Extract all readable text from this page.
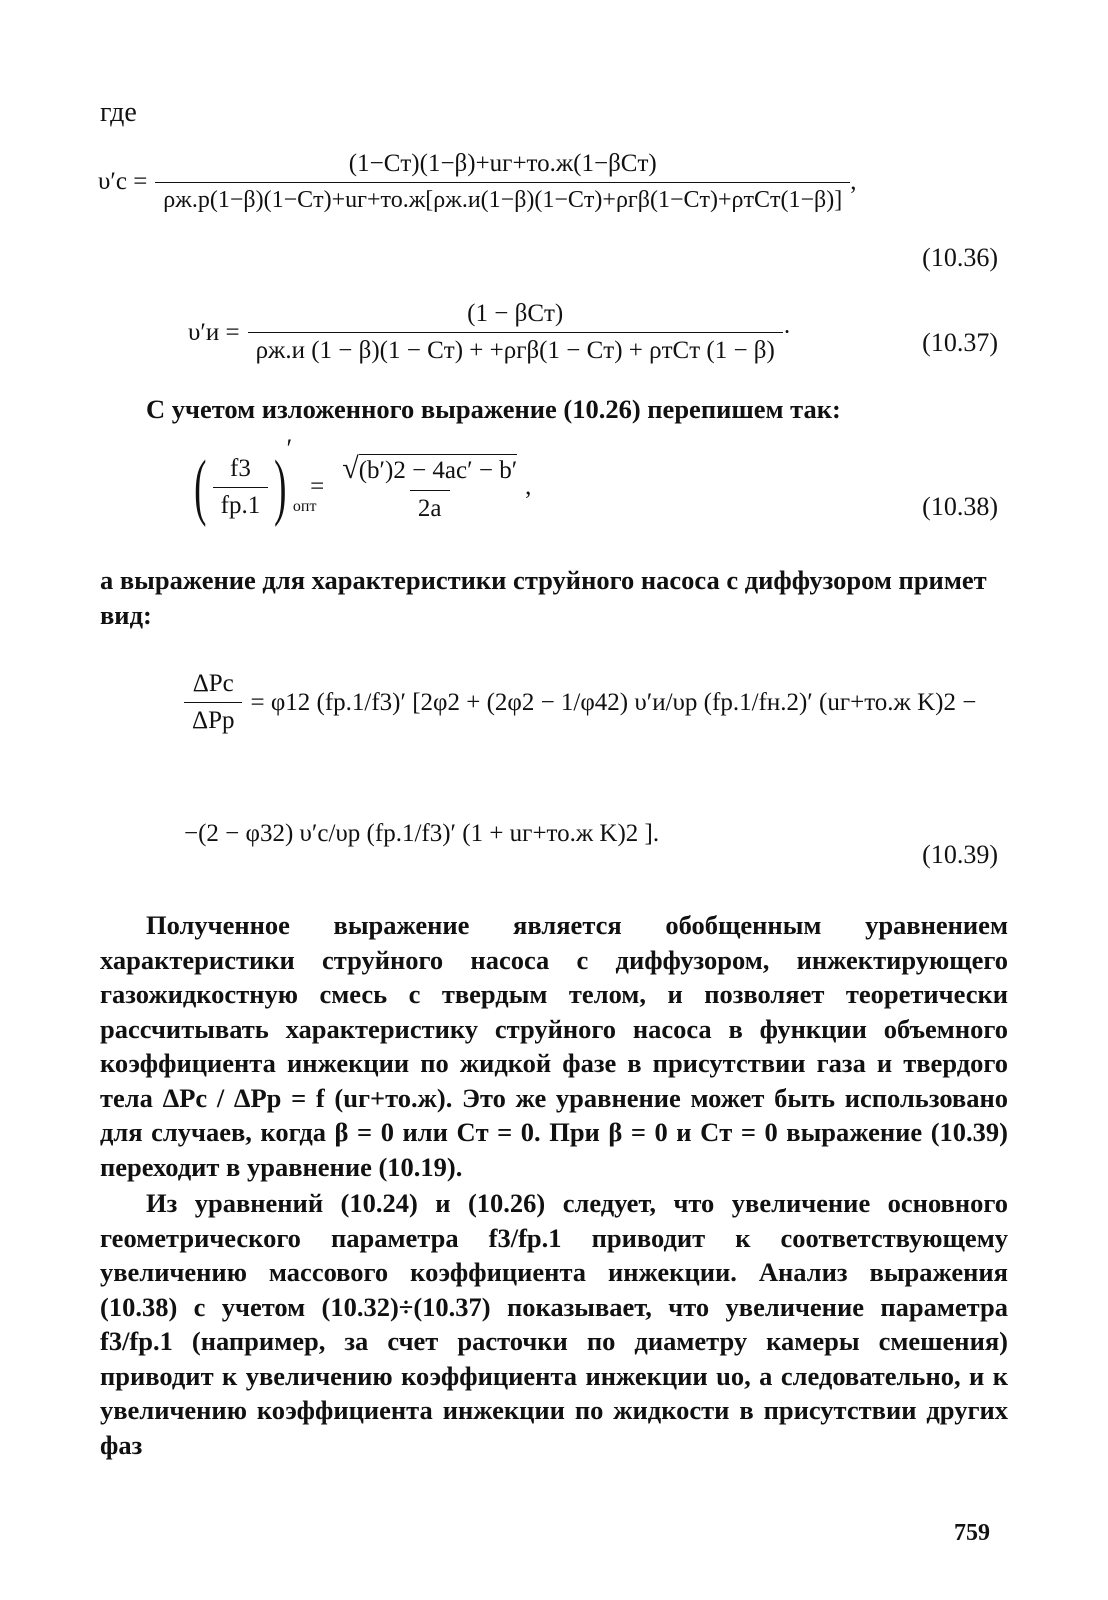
где
$\upsilon'c = \frac{\text{(1−Cт)(1−β)+uг+то.ж(1−βCт)}}{\text{ρж.р(1−β)(1−Cт)+uг+то.ж[ρж.и(1−β)(1−Cт)+ρгβ(1−Cт)+ρтCт(1−β)]}}$ ,
(10.36)
$\upsilon'и = \frac{\text{(1 − βCт)}}{\text{ρж.и (1 − β)(1 − Cт) + +ρгβ(1 − Cт) + ρтCт (1 − β)}}$ ·	(10.37)
С учетом изложенного выражение (10.26) перепишем так:
( $\frac{f3}{fр.1}$ ) опт
′
= $\frac{√(b')2 - 4ac' - b'}{2a}$ ,
(10.38)
а выражение для характеристики струйного насоса с диффузором примет вид:
$\frac{\text{ΔPс}}{\text{ΔPр}} = \varphi 12$ (fр.1/f3)′ [2φ2 + (2φ2 − 1/φ42) υ′и/υр (fр.1/fн.2)′ (uг+то.ж K)2 −
−(2 − φ32) υ′с/υр (fр.1/f3)′ (1 + uг+то.ж K)2 ].
(10.39)
Полученное выражение является обобщенным уравнением характеристики струйного насоса с диффузором, инжектирующего газожидкостную смесь с твердым телом, и позволяет теоретически рассчитывать характеристику струйного насоса в функции объемного коэффициента инжекции по жидкой фазе в присутствии газа и твердого тела ΔPс / ΔPр = f (uг+то.ж). Это же уравнение может быть использовано для случаев, когда β = 0 или Cт = 0. При β = 0 и Cт = 0 выражение (10.39) переходит в уравнение (10.19).
Из уравнений (10.24) и (10.26) следует, что увеличение основного геометрического параметра f3/fр.1 приводит к соответствующему увеличению массового коэффициента инжекции. Анализ выражения (10.38) с учетом (10.32)÷(10.37) показывает, что увеличение параметра f3/fр.1 (например, за счет расточки по диаметру камеры смешения) приводит к увеличению коэффициента инжекции uо, а следовательно, и к увеличению коэффициента инжекции по жидкости в присутствии других фаз
759
